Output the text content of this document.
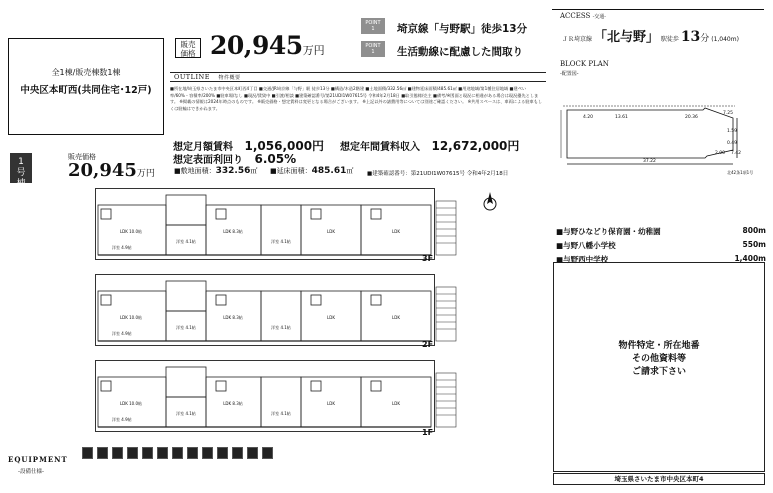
全1棟/販売棟数1棟
中央区本町西(共同住宅･12戸)
販売
価格 20,945万円
POINT
1	埼京線「与野駅」徒歩13分
POINT
1	生活動線に配慮した間取り
OUTLINE 物件概要
■所在地/埼玉県さいたま市中央区本町西4丁目 ■交通/JR埼京線「与野」駅 徒歩13分 ■構造/木造2階建 ■土地面積/332.56㎡ ■建物延床面積/485.61㎡ ■用途地域/第1種住居地域 ■建ぺい率/60%・容積率/200% ■駐車場/なし ■現況/賃貸中 ■引渡/相談 ■建築確認番号/第21UDI1W07615号 令和4年2月18日 ■取引態様/売主 ■備考/※図面と現況に相違がある場合は現況優先とします。 ※掲載の情報は2024年時点のものです。 ※販売価格・想定賃料は変更となる場合がございます。 ※上記以外の諸費用等については別途ご確認ください。 ※共用スペースは、車両による駐車もしくは駐輪はできかねます。
想定月額賃料 1,056,000円 想定年間賃料収入 12,672,000円
想定表面利回り 6.05%
1
号
棟
販売価格
20,945万円	■敷地面積：332.56㎡ ■延床面積：485.61㎡ ■建築確認番号：第21UDI1W07615号 令和4年2月18日
LDK 10.0帖	LDK 8.3帖	LDK	LDK
洋室 4.9帖
洋室 4.1帖	洋室 4.1帖
3F
LDK 10.0帖	LDK 8.3帖	LDK	LDK
洋室 4.9帖
洋室 4.1帖	洋室 4.1帖
2F
LDK 10.0帖	LDK 8.3帖	LDK	LDK
洋室 4.9帖
洋室 4.1帖	洋室 4.1帖
1F
EQUIPMENT
-設備仕様-
ACCESS -交通-
ＪＲ埼京線 「北与野」 駅徒歩 13分 (1,040m)
BLOCK PLAN
-配置図-
20.36
37.22
13.61
4.20
7.25
1.59
0.49
7.42
2.00
北42条1項1号
■与野ひなどり保育園・幼稚園	800m
■与野八幡小学校	550m
■与野西中学校	1,400m
物件特定・所在地番
その他資料等
ご請求下さい
埼玉県さいたま市中央区本町4
